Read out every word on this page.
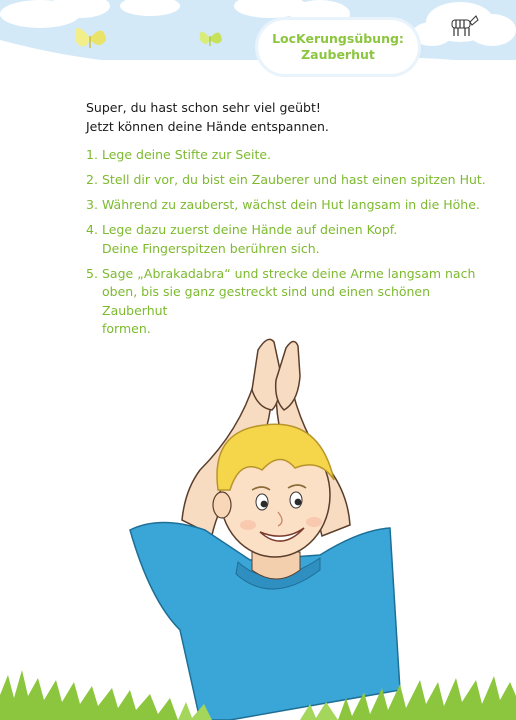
LocKerungsübung:
Zauberhut
Super, du hast schon sehr viel geübt!
Jetzt können deine Hände entspannen.
1. Lege deine Stifte zur Seite.
2. Stell dir vor, du bist ein Zauberer und hast einen spitzen Hut.
3. Während zu zauberst, wächst dein Hut langsam in die Höhe.
4. Lege dazu zuerst deine Hände auf deinen Kopf.
Deine Fingerspitzen berühren sich.
5. Sage „Abrakadabra“ und strecke deine Arme langsam nach
oben, bis sie ganz gestreckt sind und einen schönen Zauberhut
formen.
